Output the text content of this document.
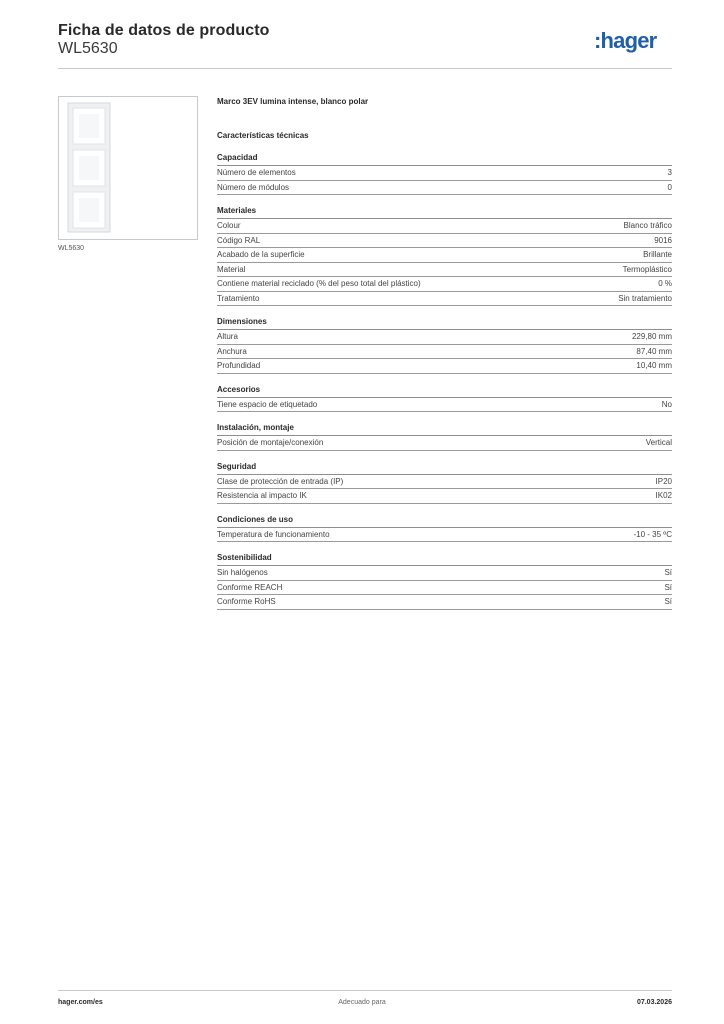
Ficha de datos de producto
WL5630	:hager
WL5630
Marco 3EV lumina intense, blanco polar
Características técnicas
Capacidad
Número de elementos	3
Número de módulos	0
Materiales
Colour	Blanco tráfico
Código RAL	9016
Acabado de la superficie	Brillante
Material	Termoplástico
Contiene material reciclado (% del peso total del plástico)	0 %
Tratamiento	Sin tratamiento
Dimensiones
Altura	229,80 mm
Anchura	87,40 mm
Profundidad	10,40 mm
Accesorios
Tiene espacio de etiquetado	No
Instalación, montaje
Posición de montaje/conexión	Vertical
Seguridad
Clase de protección de entrada (IP)	IP20
Resistencia al impacto IK	IK02
Condiciones de uso
Temperatura de funcionamiento	-10 - 35 ºC
Sostenibilidad
Sin halógenos	Sí
Conforme REACH	Sí
Conforme RoHS	Sí
hager.com/es	Adecuado para	07.03.2026
